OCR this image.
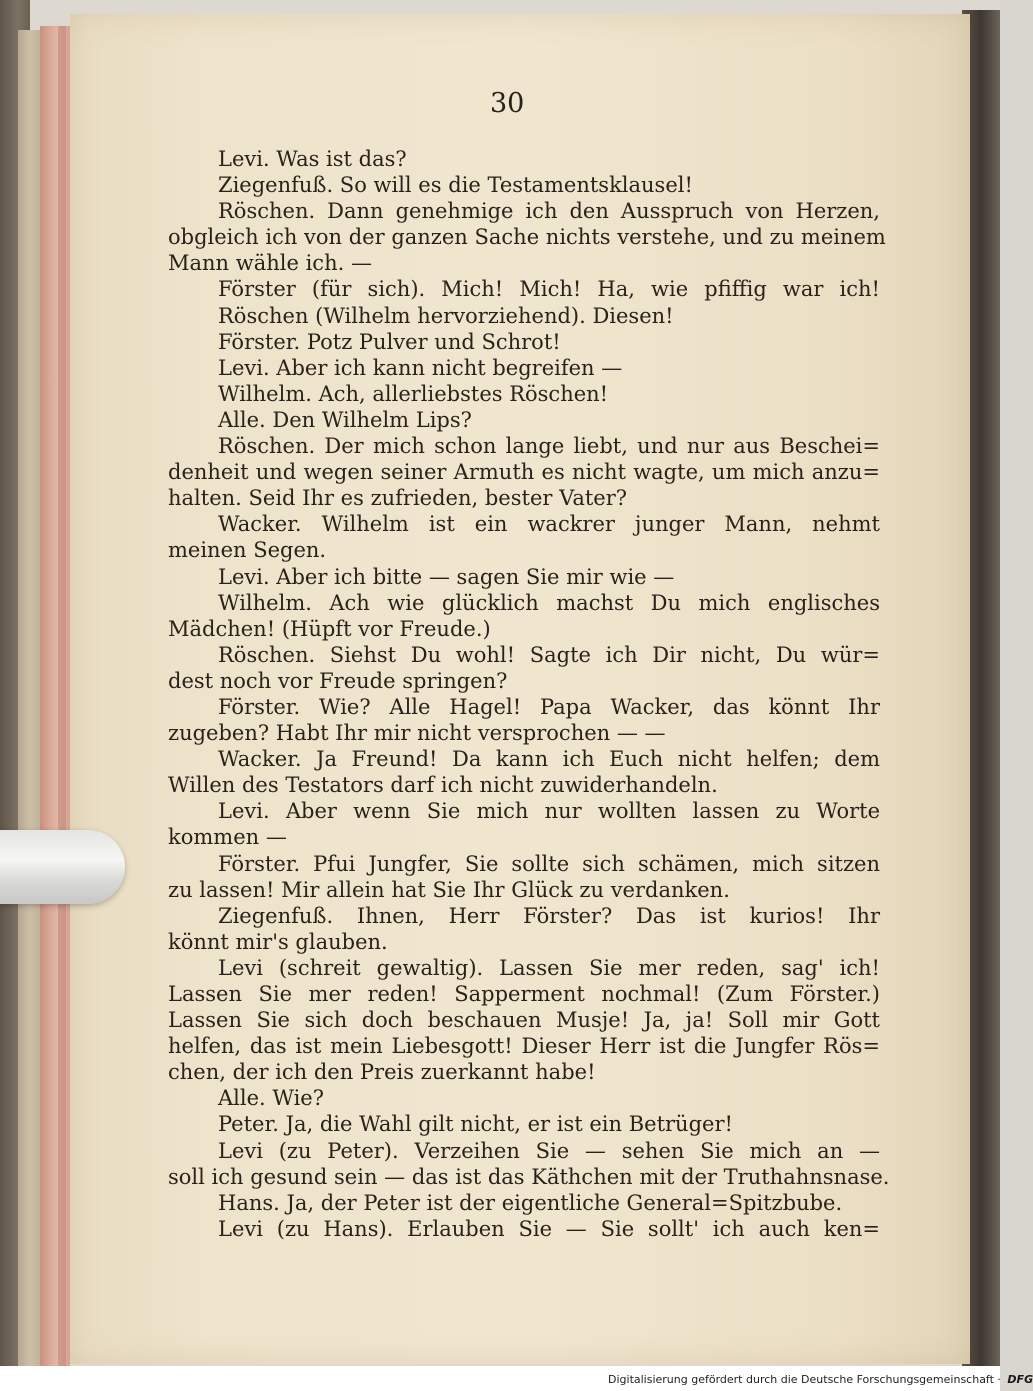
30
Levi. Was ist das?
Ziegenfuß. So will es die Testamentsklausel!
Röschen. Dann genehmige ich den Ausspruch von Herzen,
obgleich ich von der ganzen Sache nichts verstehe, und zu meinem
Mann wähle ich. —
Förster (für sich). Mich! Mich! Ha, wie pfiffig war ich!
Röschen (Wilhelm hervorziehend). Diesen!
Förster. Potz Pulver und Schrot!
Levi. Aber ich kann nicht begreifen —
Wilhelm. Ach, allerliebstes Röschen!
Alle. Den Wilhelm Lips?
Röschen. Der mich schon lange liebt, und nur aus Beschei=
denheit und wegen seiner Armuth es nicht wagte, um mich anzu=
halten. Seid Ihr es zufrieden, bester Vater?
Wacker. Wilhelm ist ein wackrer junger Mann, nehmt
meinen Segen.
Levi. Aber ich bitte — sagen Sie mir wie —
Wilhelm. Ach wie glücklich machst Du mich englisches
Mädchen! (Hüpft vor Freude.)
Röschen. Siehst Du wohl! Sagte ich Dir nicht, Du wür=
dest noch vor Freude springen?
Förster. Wie? Alle Hagel! Papa Wacker, das könnt Ihr
zugeben? Habt Ihr mir nicht versprochen — —
Wacker. Ja Freund! Da kann ich Euch nicht helfen; dem
Willen des Testators darf ich nicht zuwiderhandeln.
Levi. Aber wenn Sie mich nur wollten lassen zu Worte
kommen —
Förster. Pfui Jungfer, Sie sollte sich schämen, mich sitzen
zu lassen! Mir allein hat Sie Ihr Glück zu verdanken.
Ziegenfuß. Ihnen, Herr Förster? Das ist kurios! Ihr
könnt mir's glauben.
Levi (schreit gewaltig). Lassen Sie mer reden, sag' ich!
Lassen Sie mer reden! Sapperment nochmal! (Zum Förster.)
Lassen Sie sich doch beschauen Musje! Ja, ja! Soll mir Gott
helfen, das ist mein Liebesgott! Dieser Herr ist die Jungfer Rös=
chen, der ich den Preis zuerkannt habe!
Alle. Wie?
Peter. Ja, die Wahl gilt nicht, er ist ein Betrüger!
Levi (zu Peter). Verzeihen Sie — sehen Sie mich an —
soll ich gesund sein — das ist das Käthchen mit der Truthahnsnase.
Hans. Ja, der Peter ist der eigentliche General=Spitzbube.
Levi (zu Hans). Erlauben Sie — Sie sollt' ich auch ken=
Digitalisierung gefördert durch die Deutsche Forschungsgemeinschaft · DFG
